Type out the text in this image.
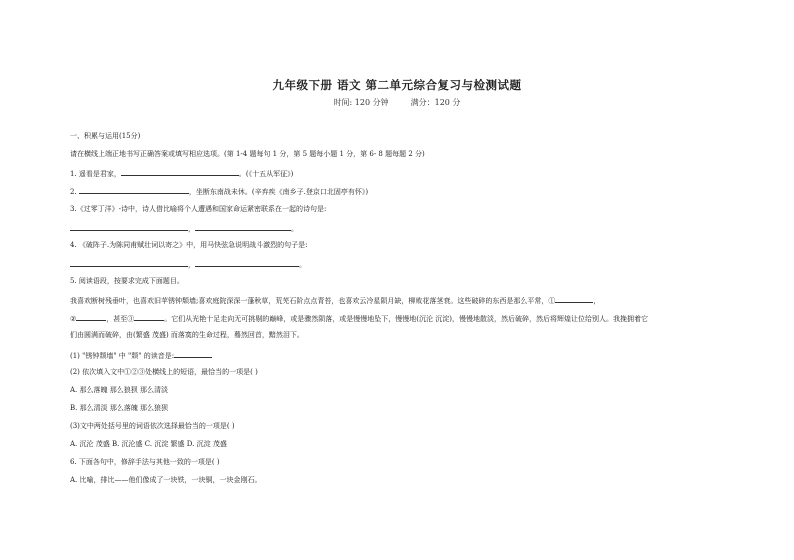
九年级下册 语文 第二单元综合复习与检测试题
时间: 120 分钟	满分：120 分
一、积累与运用(15分)
请在横线上端正地书写正确答案或填写相应选项。(第 1-4 题每句 1 分，第 5 题每小题 1 分，第 6- 8 题每题 2 分)
1. 遥看是君家，	。(《十五从军征》)
2.	，坐断东南战未休。(辛弃疾《南乡子.登京口北固亭有怀》)
3.《过零丁洋》-诗中，诗人借比喻将个人遭遇和国家命运紧密联系在一起的诗句是:
，	。
4. 《破阵子.为陈同甫赋壮词以寄之》中，用马快弦急说明战斗激烈的句子是:
，	。
5. 阅读语段，按要求完成下面题目。
我喜欢断树残垂叶，也喜欢旧苹锈钟颓墙;喜欢庭院深深一蓬秋草，荒芜石阶点点青苔，也喜欢云冷星陨月缺，柳败花落茎衰。这些破碎的东西是那么平常，①	，
②	，甚至③	。它们从光艳十足走向无可挑剔的巅峰，或是骤然陨落，或是慢慢地坠下，慢慢地(沉沦 沉淀)，慢慢地散淡，然后破碎，然后将辉煌让位给别人。我挽拥着它
们由圆满而破碎，由(繁盛 茂盛) 而落寞的生命过程，蓦然回首，黯然泪下。
(1) "锈钟颓墙" 中 "颓" 的读音是:
(2) 依次填入文中①②③处横线上的短语，最恰当的一项是( )
A. 那么落魄 那么狼狈 那么清淡
B. 那么清淡 那么落魄 那么狼狈
(3)文中两处括号里的词语依次选择最恰当的一项是( )
A. 沉沦 茂盛 B. 沉沦盛 C. 沉淀 繁盛 D. 沉淀 茂盛
6. 下面各句中，修辞手法与其他一致的一项是( )
A. 比喻，排比——他们像成了一块铁，一块铜，一块金刚石。
